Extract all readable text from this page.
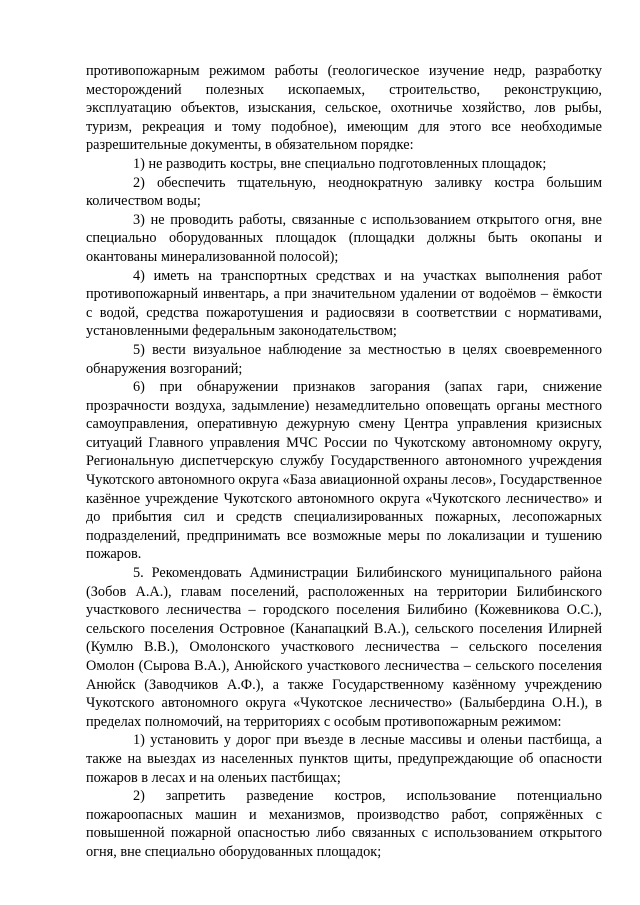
противопожарным режимом работы (геологическое изучение недр, разработку месторождений полезных ископаемых, строительство, реконструкцию, эксплуатацию объектов, изыскания, сельское, охотничье хозяйство, лов рыбы, туризм, рекреация и тому подобное), имеющим для этого все необходимые разрешительные документы, в обязательном порядке:

1) не разводить костры, вне специально подготовленных площадок;

2) обеспечить тщательную, неоднократную заливку костра большим количеством воды;

3) не проводить работы, связанные с использованием открытого огня, вне специально оборудованных площадок (площадки должны быть окопаны и окантованы минерализованной полосой);

4) иметь на транспортных средствах и на участках выполнения работ противопожарный инвентарь, а при значительном удалении от водоёмов – ёмкости с водой, средства пожаротушения и радиосвязи в соответствии с нормативами, установленными федеральным законодательством;

5) вести визуальное наблюдение за местностью в целях своевременного обнаружения возгораний;

6) при обнаружении признаков загорания (запах гари, снижение прозрачности воздуха, задымление) незамедлительно оповещать органы местного самоуправления, оперативную дежурную смену Центра управления кризисных ситуаций Главного управления МЧС России по Чукотскому автономному округу, Региональную диспетчерскую службу Государственного автономного учреждения Чукотского автономного округа «База авиационной охраны лесов», Государственное казённое учреждение Чукотского автономного округа «Чукотского лесничество» и до прибытия сил и средств специализированных пожарных, лесопожарных подразделений, предпринимать все возможные меры по локализации и тушению пожаров.

5. Рекомендовать Администрации Билибинского муниципального района (Зобов А.А.), главам поселений, расположенных на территории Билибинского участкового лесничества – городского поселения Билибино (Кожевникова О.С.), сельского поселения Островное (Канапацкий В.А.), сельского поселения Илирней (Кумлю В.В.), Омолонского участкового лесничества – сельского поселения Омолон (Сырова В.А.), Анюйского участкового лесничества – сельского поселения Анюйск (Заводчиков А.Ф.), а также Государственному казённому учреждению Чукотского автономного округа «Чукотское лесничество» (Балыбердина О.Н.), в пределах полномочий, на территориях с особым противопожарным режимом:

1) установить у дорог при въезде в лесные массивы и оленьи пастбища, а также на выездах из населенных пунктов щиты, предупреждающие об опасности пожаров в лесах и на оленьих пастбищах;

2) запретить разведение костров, использование потенциально пожароопасных машин и механизмов, производство работ, сопряжённых с повышенной пожарной опасностью либо связанных с использованием открытого огня, вне специально оборудованных площадок;
